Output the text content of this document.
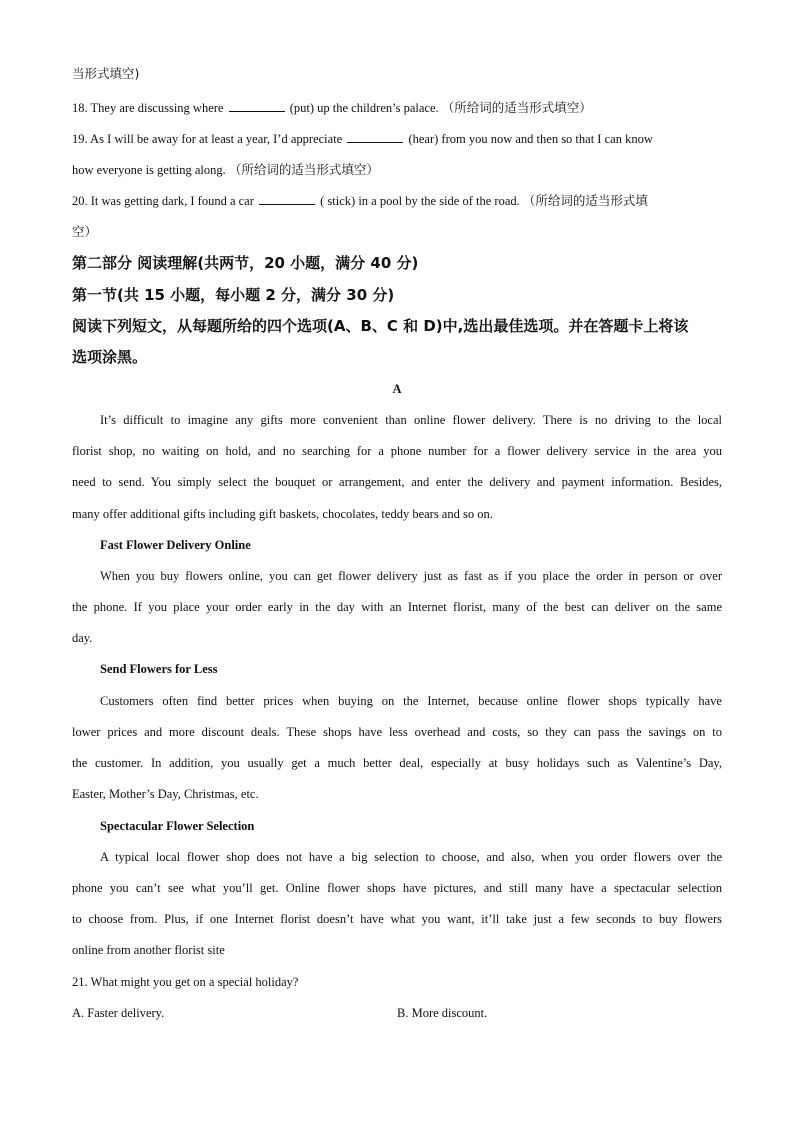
当形式填空)
18. They are discussing where	(put) up the children’s palace. （所给词的适当形式填空）
19. As I will be away for at least a year, I’d appreciate	(hear) from you now and then so that I can know
how everyone is getting along. （所给词的适当形式填空）
20. It was getting dark, I found a car	( stick) in a pool by the side of the road. （所给词的适当形式填
空）
第二部分 阅读理解(共两节，20 小题，满分 40 分)
第一节(共 15 小题，每小题 2 分，满分 30 分)
阅读下列短文，从每题所给的四个选项(A、B、C 和 D)中,选出最佳选项。并在答题卡上将该
选项涂黑。
A
It’s difficult to imagine any gifts more convenient than online flower delivery. There is no driving to the local
florist shop, no waiting on hold, and no searching for a phone number for a flower delivery service in the area you
need to send. You simply select the bouquet or arrangement, and enter the delivery and payment information. Besides,
many offer additional gifts including gift baskets, chocolates, teddy bears and so on.
Fast Flower Delivery Online
When you buy flowers online, you can get flower delivery just as fast as if you place the order in person or over
the phone. If you place your order early in the day with an Internet florist, many of the best can deliver on the same
day.
Send Flowers for Less
Customers often find better prices when buying on the Internet, because online flower shops typically have
lower prices and more discount deals. These shops have less overhead and costs, so they can pass the savings on to
the customer. In addition, you usually get a much better deal, especially at busy holidays such as Valentine’s Day,
Easter, Mother’s Day, Christmas, etc.
Spectacular Flower Selection
A typical local flower shop does not have a big selection to choose, and also, when you order flowers over the
phone you can’t see what you’ll get. Online flower shops have pictures, and still many have a spectacular selection
to choose from. Plus, if one Internet florist doesn’t have what you want, it’ll take just a few seconds to buy flowers
online from another florist site
21. What might you get on a special holiday?
A. Faster delivery.	B. More discount.
